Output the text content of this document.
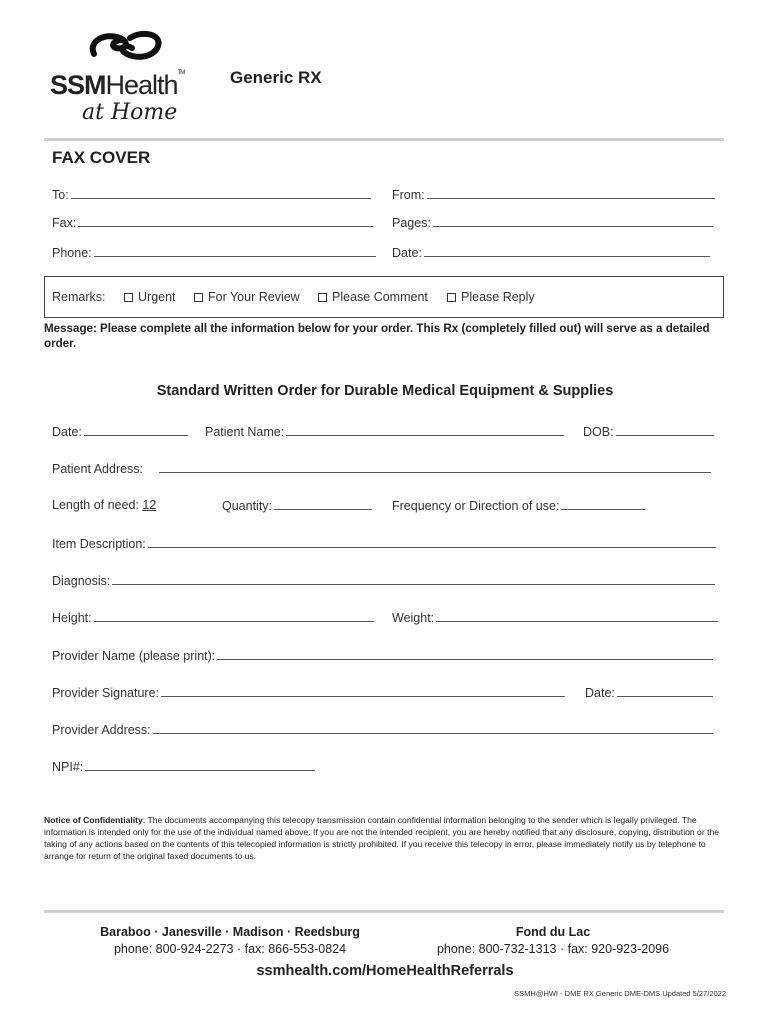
SSMHealth™
at Home
Generic RX
FAX COVER
To:	From:
Fax:	Pages:
Phone:	Date:
Remarks:	Urgent	For Your Review	Please Comment	Please Reply
Message: Please complete all the information below for your order. This Rx (completely filled out) will serve as a detailed order.
Standard Written Order for Durable Medical Equipment & Supplies
Date:	Patient Name:	DOB:
Patient Address:
Length of need: 12	Quantity:	Frequency or Direction of use:
Item Description:
Diagnosis:
Height:	Weight:
Provider Name (please print):
Provider Signature:	Date:
Provider Address:
NPI#:
Notice of Confidentiality: The documents accompanying this telecopy transmission contain confidential information belonging to the sender which is legally privileged. The information is intended only for the use of the individual named above. If you are not the intended recipient, you are hereby notified that any disclosure, copying, distribution or the taking of any actions based on the contents of this telecopied information is strictly prohibited. If you receive this telecopy in error, please immediately notify us by telephone to arrange for return of the original faxed documents to us.
Baraboo · Janesville · Madison · Reedsburg
phone: 800-924-2273 · fax: 866-553-0824
Fond du Lac
phone: 800-732-1313 · fax: 920-923-2096
ssmhealth.com/HomeHealthReferrals
SSMH@HWI - DME RX Generic DME-DMS Updated 5/27/2022
